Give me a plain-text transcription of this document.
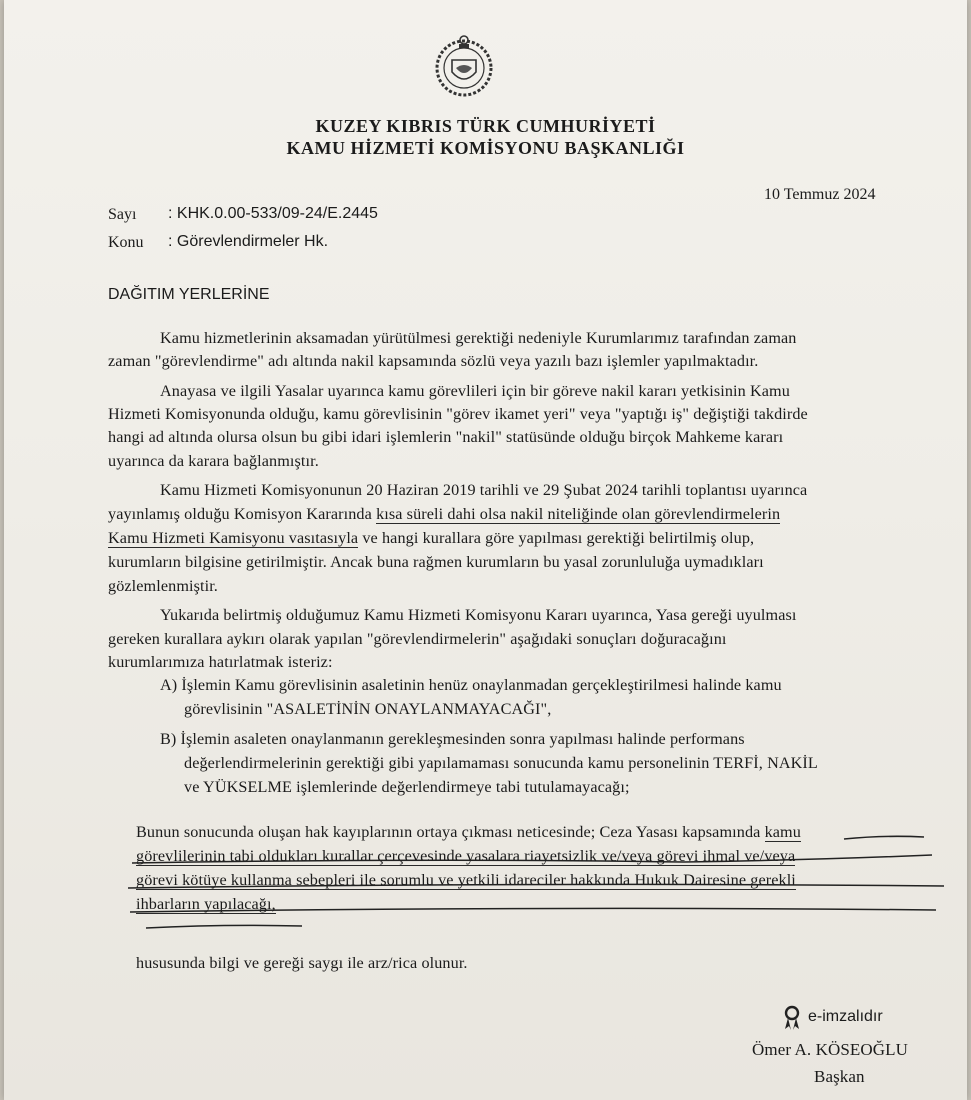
KUZEY KIBRIS TÜRK CUMHURİYETİ
KAMU HİZMETİ KOMİSYONU BAŞKANLIĞI
10 Temmuz 2024
Sayı : KHK.0.00-533/09-24/E.2445
Konu : Görevlendirmeler Hk.
DAĞITIM YERLERİNE
Kamu hizmetlerinin aksamadan yürütülmesi gerektiği nedeniyle Kurumlarımız tarafından zaman
zaman "görevlendirme" adı altında nakil kapsamında sözlü veya yazılı bazı işlemler yapılmaktadır.
Anayasa ve ilgili Yasalar uyarınca kamu görevlileri için bir göreve nakil kararı yetkisinin Kamu
Hizmeti Komisyonunda olduğu, kamu görevlisinin "görev ikamet yeri" veya "yaptığı iş" değiştiği takdirde
hangi ad altında olursa olsun bu gibi idari işlemlerin "nakil" statüsünde olduğu birçok Mahkeme kararı
uyarınca da karara bağlanmıştır.
Kamu Hizmeti Komisyonunun 20 Haziran 2019 tarihli ve 29 Şubat 2024 tarihli toplantısı uyarınca
yayınlamış olduğu Komisyon Kararında kısa süreli dahi olsa nakil niteliğinde olan görevlendirmelerin
Kamu Hizmeti Kamisyonu vasıtasıyla ve hangi kurallara göre yapılması gerektiği belirtilmiş olup,
kurumların bilgisine getirilmiştir. Ancak buna rağmen kurumların bu yasal zorunluluğa uymadıkları
gözlemlenmiştir.
Yukarıda belirtmiş olduğumuz Kamu Hizmeti Komisyonu Kararı uyarınca, Yasa gereği uyulması
gereken kurallara aykırı olarak yapılan "görevlendirmelerin" aşağıdaki sonuçları doğuracağını
kurumlarımıza hatırlatmak isteriz:
A) İşlemin Kamu görevlisinin asaletinin henüz onaylanmadan gerçekleştirilmesi halinde kamu
görevlisinin "ASALETİNİN ONAYLANMAYACAĞI",
B) İşlemin asaleten onaylanmanın gerekleşmesinden sonra yapılması halinde performans
değerlendirmelerinin gerektiği gibi yapılamaması sonucunda kamu personelinin TERFİ, NAKİL
ve YÜKSELME işlemlerinde değerlendirmeye tabi tutulamayacağı;
Bunun sonucunda oluşan hak kayıplarının ortaya çıkması neticesinde; Ceza Yasası kapsamında kamu
görevlilerinin tabi oldukları kurallar çerçevesinde yasalara riayetsizlik ve/veya görevi ihmal ve/veya
görevi kötüye kullanma sebepleri ile sorumlu ve yetkili idareciler hakkında Hukuk Dairesine gerekli
ihbarların yapılacağı,
hususunda bilgi ve gereği saygı ile arz/rica olunur.
e-imzalıdır
Ömer A. KÖSEOĞLU
Başkan
